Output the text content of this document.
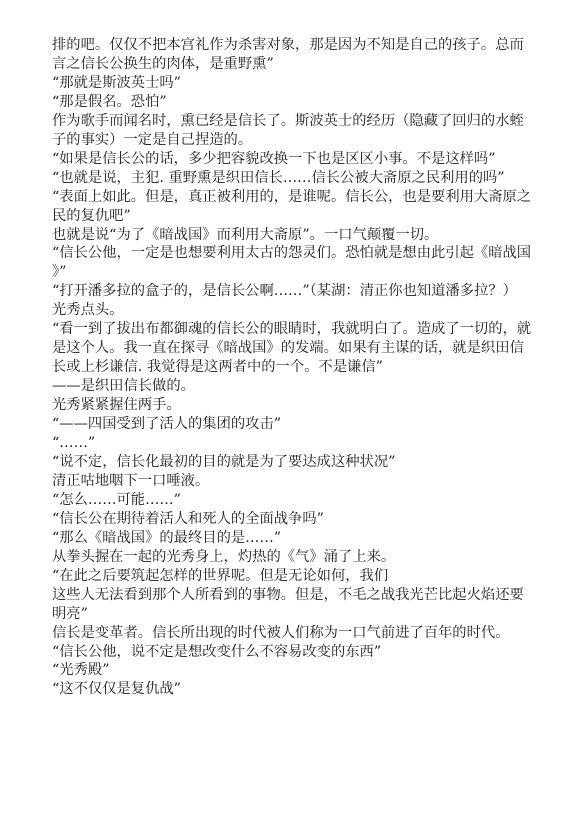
排的吧。仅仅不把本宫礼作为杀害对象，那是因为不知是自己的孩子。总而言之信长公换生的肉体，是重野熏”

“那就是斯波英士吗”

“那是假名。恐怕”

作为歌手而闻名时，熏已经是信长了。斯波英士的经历（隐藏了回归的水蛭子的事实）一定是自己捏造的。

“如果是信长公的话，多少把容貌改换一下也是区区小事。不是这样吗”

“也就是说，主犯. 重野熏是织田信长……信长公被大斋原之民利用的吗”

“表面上如此。但是，真正被利用的，是谁呢。信长公，也是要利用大斋原之民的复仇吧”

也就是说“为了《暗战国》而利用大斋原”。一口气颠覆一切。

“信长公他，一定是也想要利用太古的怨灵们。恐怕就是想由此引起《暗战国》”

“打开潘多拉的盒子的，是信长公啊……”（某湖：清正你也知道潘多拉？）

光秀点头。

“看一到了拔出布都御魂的信长公的眼睛时，我就明白了。造成了一切的，就是这个人。我一直在探寻《暗战国》的发端。如果有主谋的话，就是织田信长或上杉谦信. 我觉得是这两者中的一个。不是谦信”

——是织田信长做的。

光秀紧紧握住两手。

“——四国受到了活人的集团的攻击”

“……”

“说不定，信长化最初的目的就是为了要达成这种状况”

清正咕地咽下一口唾液。

“怎么……可能……”

“信长公在期待着活人和死人的全面战争吗”

“那么《暗战国》的最终目的是……”

从拳头握在一起的光秀身上，灼热的《气》涌了上来。

“在此之后要筑起怎样的世界呢。但是无论如何，我们

这些人无法看到那个人所看到的事物。但是，不毛之战我光芒比起火焰还要明亮”

信长是变革者。信长所出现的时代被人们称为一口气前进了百年的时代。

“信长公他，说不定是想改变什么不容易改变的东西”

“光秀殿”

“这不仅仅是复仇战”
